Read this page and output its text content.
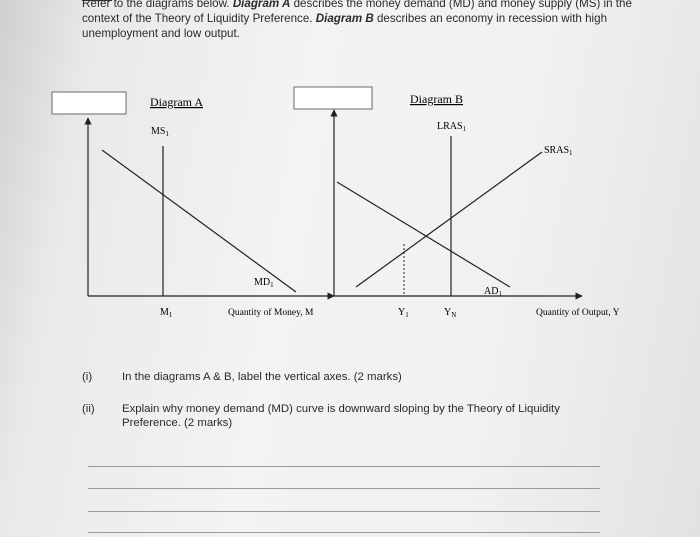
Refer to the diagrams below. Diagram A describes the money demand (MD) and money supply (MS) in the context of the Theory of Liquidity Preference. Diagram B describes an economy in recession with high unemployment and low output.
Diagram A
$MS_1$
$MD_1$
$M_1$	Quantity of Money, M
Diagram B
$LRAS_1$
$SRAS_1$
$AD_1$
$Y_1$	$Y_N$	Quantity of Output, Y
(i)	In the diagrams A & B, label the vertical axes. (2 marks)
(ii) Explain why money demand (MD) curve is downward sloping by the Theory of Liquidity Preference. (2 marks)
